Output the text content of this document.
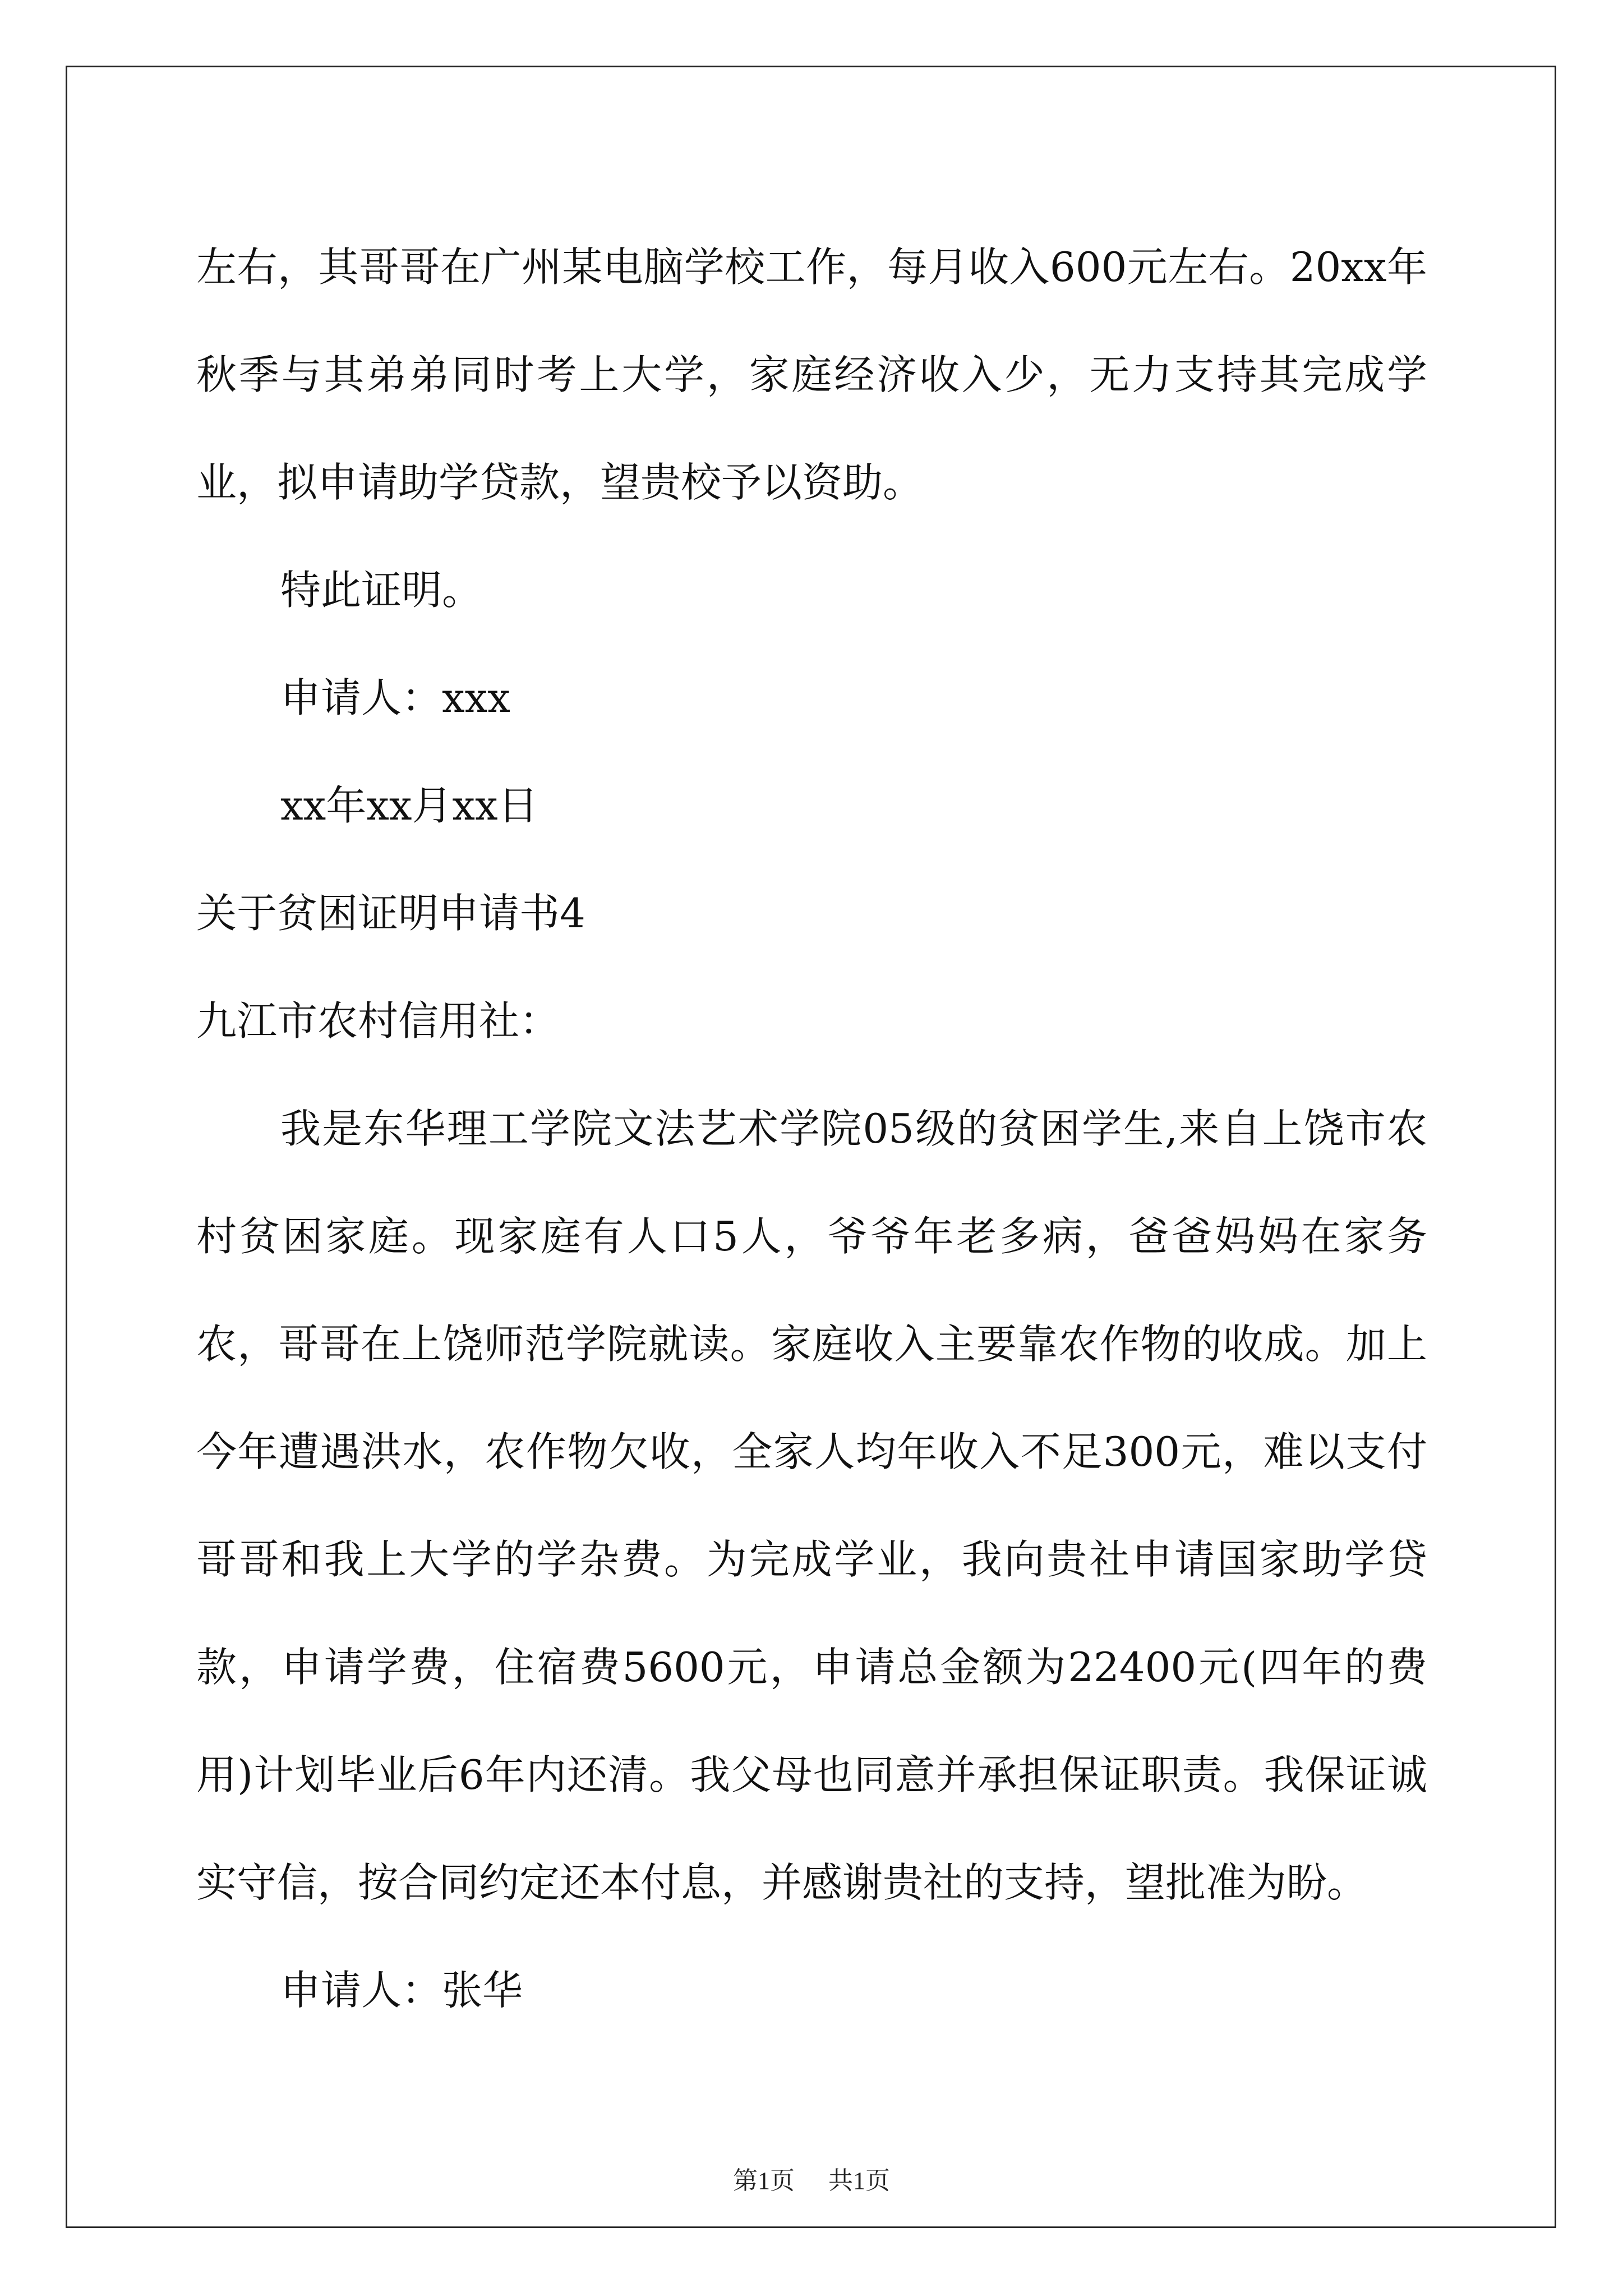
左右，其哥哥在广州某电脑学校工作，每月收入600元左右。20xx年秋季与其弟弟同时考上大学，家庭经济收入少，无力支持其完成学业，拟申请助学贷款，望贵校予以资助。

特此证明。

申请人：xxx

xx年xx月xx日

关于贫困证明申请书4

九江市农村信用社：

我是东华理工学院文法艺术学院05级的贫困学生,来自上饶市农村贫困家庭。现家庭有人口5人，爷爷年老多病，爸爸妈妈在家务农，哥哥在上饶师范学院就读。家庭收入主要靠农作物的收成。加上今年遭遇洪水，农作物欠收，全家人均年收入不足300元，难以支付哥哥和我上大学的学杂费。为完成学业，我向贵社申请国家助学贷款，申请学费，住宿费5600元，申请总金额为22400元(四年的费用)计划毕业后6年内还清。我父母也同意并承担保证职责。我保证诚实守信，按合同约定还本付息，并感谢贵社的支持，望批准为盼。

申请人：张华

第1页 共1页
